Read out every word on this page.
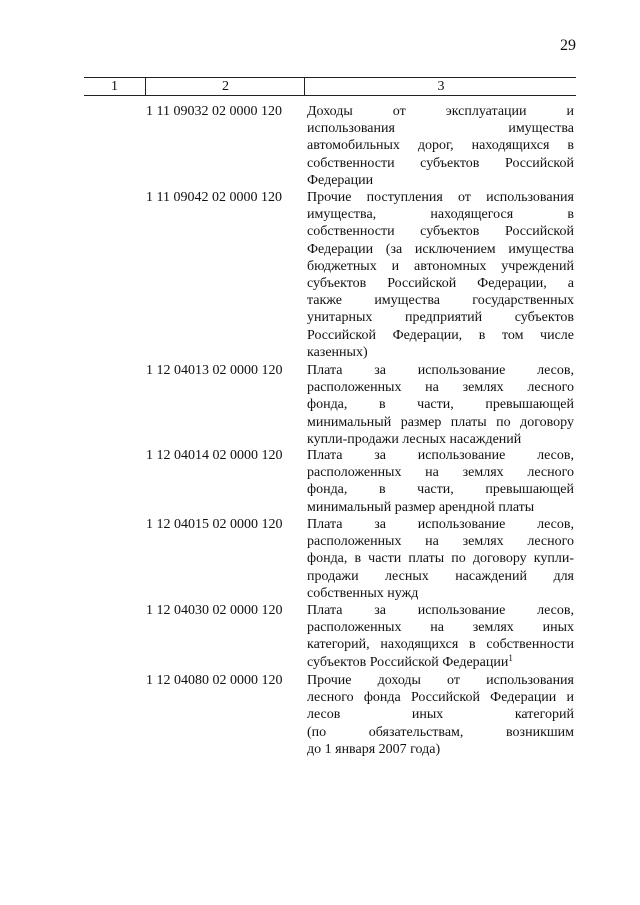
29
1	2	3
1 11 09032 02 0000 120	Доходы от эксплуатации и
использования имущества
автомобильных дорог, находящихся в
собственности субъектов Российской
Федерации
1 11 09042 02 0000 120	Прочие поступления от использования
имущества, находящегося в
собственности субъектов Российской
Федерации (за исключением имущества
бюджетных и автономных учреждений
субъектов Российской Федерации, а
также имущества государственных
унитарных предприятий субъектов
Российской Федерации, в том числе
казенных)
1 12 04013 02 0000 120	Плата за использование лесов,
расположенных на землях лесного
фонда, в части, превышающей
минимальный размер платы по договору
купли-продажи лесных насаждений
1 12 04014 02 0000 120	Плата за использование лесов,
расположенных на землях лесного
фонда, в части, превышающей
минимальный размер арендной платы
1 12 04015 02 0000 120	Плата за использование лесов,
расположенных на землях лесного
фонда, в части платы по договору купли-
продажи лесных насаждений для
собственных нужд
1 12 04030 02 0000 120	Плата за использование лесов,
расположенных на землях иных
категорий, находящихся в собственности
субъектов Российской Федерации$^1$
1 12 04080 02 0000 120	Прочие доходы от использования
лесного фонда Российской Федерации и
лесов иных категорий
(по обязательствам, возникшим
до 1 января 2007 года)
